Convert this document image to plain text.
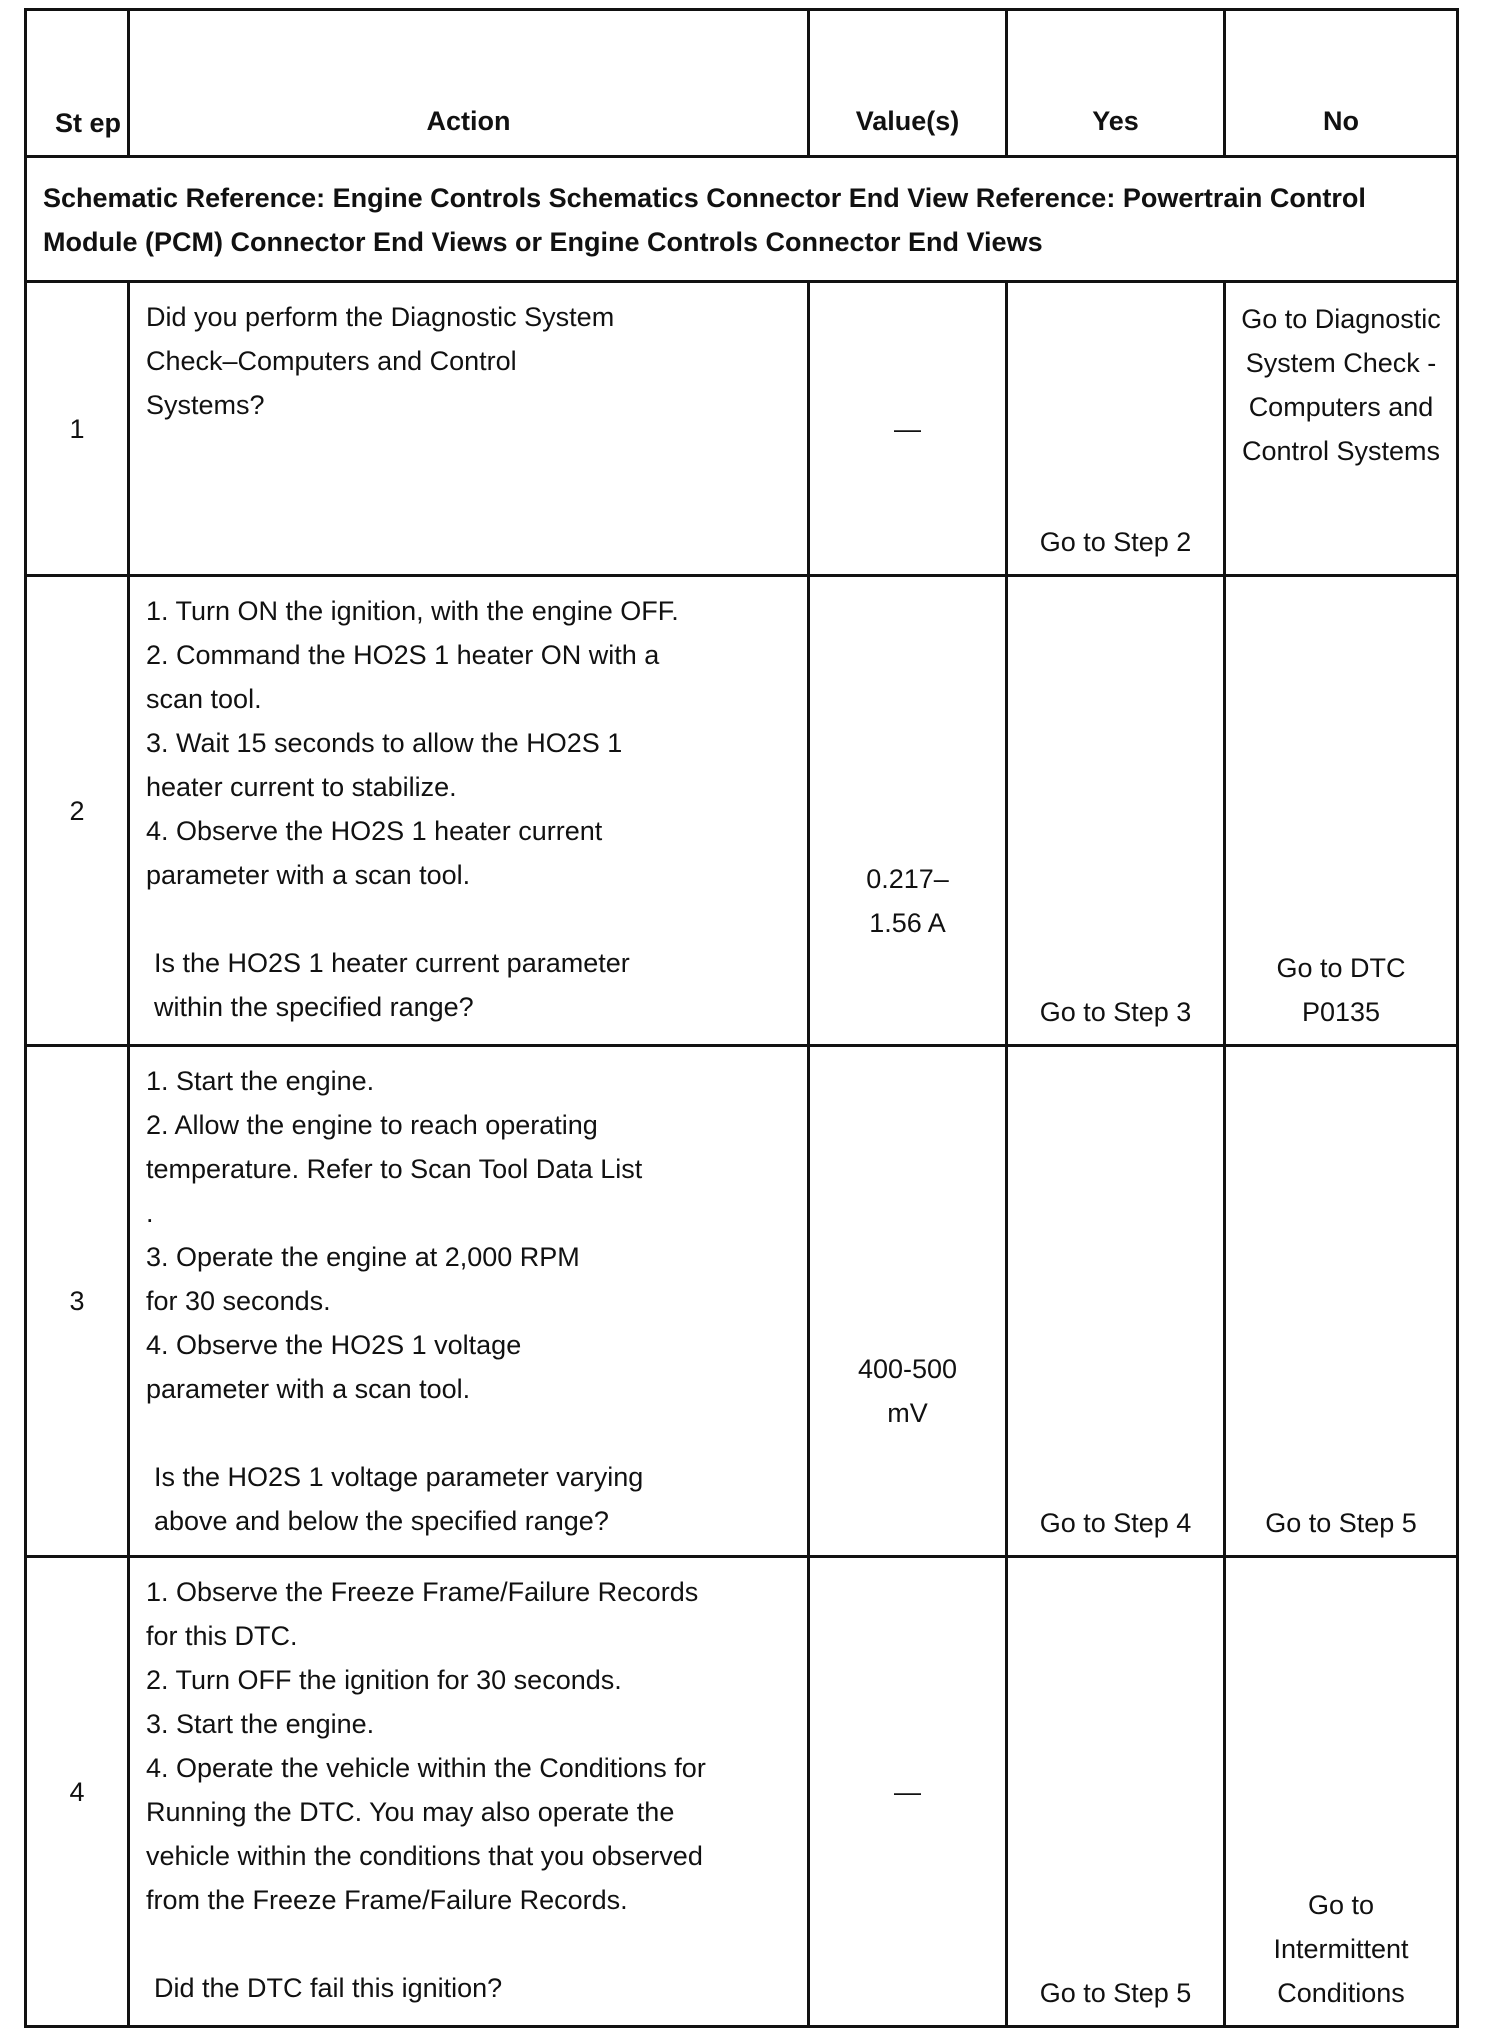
St ep	Action	Value(s)	Yes	No

Schematic Reference: Engine Controls Schematics Connector End View Reference: Powertrain Control Module (PCM) Connector End Views or Engine Controls Connector End Views				
1	Did you perform the Diagnostic System Check–Computers and Control Systems?	—	Go to Step 2	Go to Diagnostic System Check - Computers and Control Systems

2	1. Turn ON the ignition, with the engine OFF.

2. Command the HO2S 1 heater ON with a scan tool.

3. Wait 15 seconds to allow the HO2S 1 heater current to stabilize.

4. Observe the HO2S 1 heater current parameter with a scan tool.

Is the HO2S 1 heater current parameter within the specified range?	0.217–1.56 A	Go to Step 3	Go to DTC P0135

3	1. Start the engine.

2. Allow the engine to reach operating temperature. Refer to Scan Tool Data List .

3. Operate the engine at 2,000 RPM for 30 seconds.

4. Observe the HO2S 1 voltage parameter with a scan tool.

Is the HO2S 1 voltage parameter varying above and below the specified range?	400-500 mV	Go to Step 4	Go to Step 5

4	1. Observe the Freeze Frame/Failure Records for this DTC.

2. Turn OFF the ignition for 30 seconds.

3. Start the engine.

4. Operate the vehicle within the Conditions for Running the DTC. You may also operate the vehicle within the conditions that you observed from the Freeze Frame/Failure Records.

Did the DTC fail this ignition?	—	Go to Step 5	Go to Intermittent Conditions
